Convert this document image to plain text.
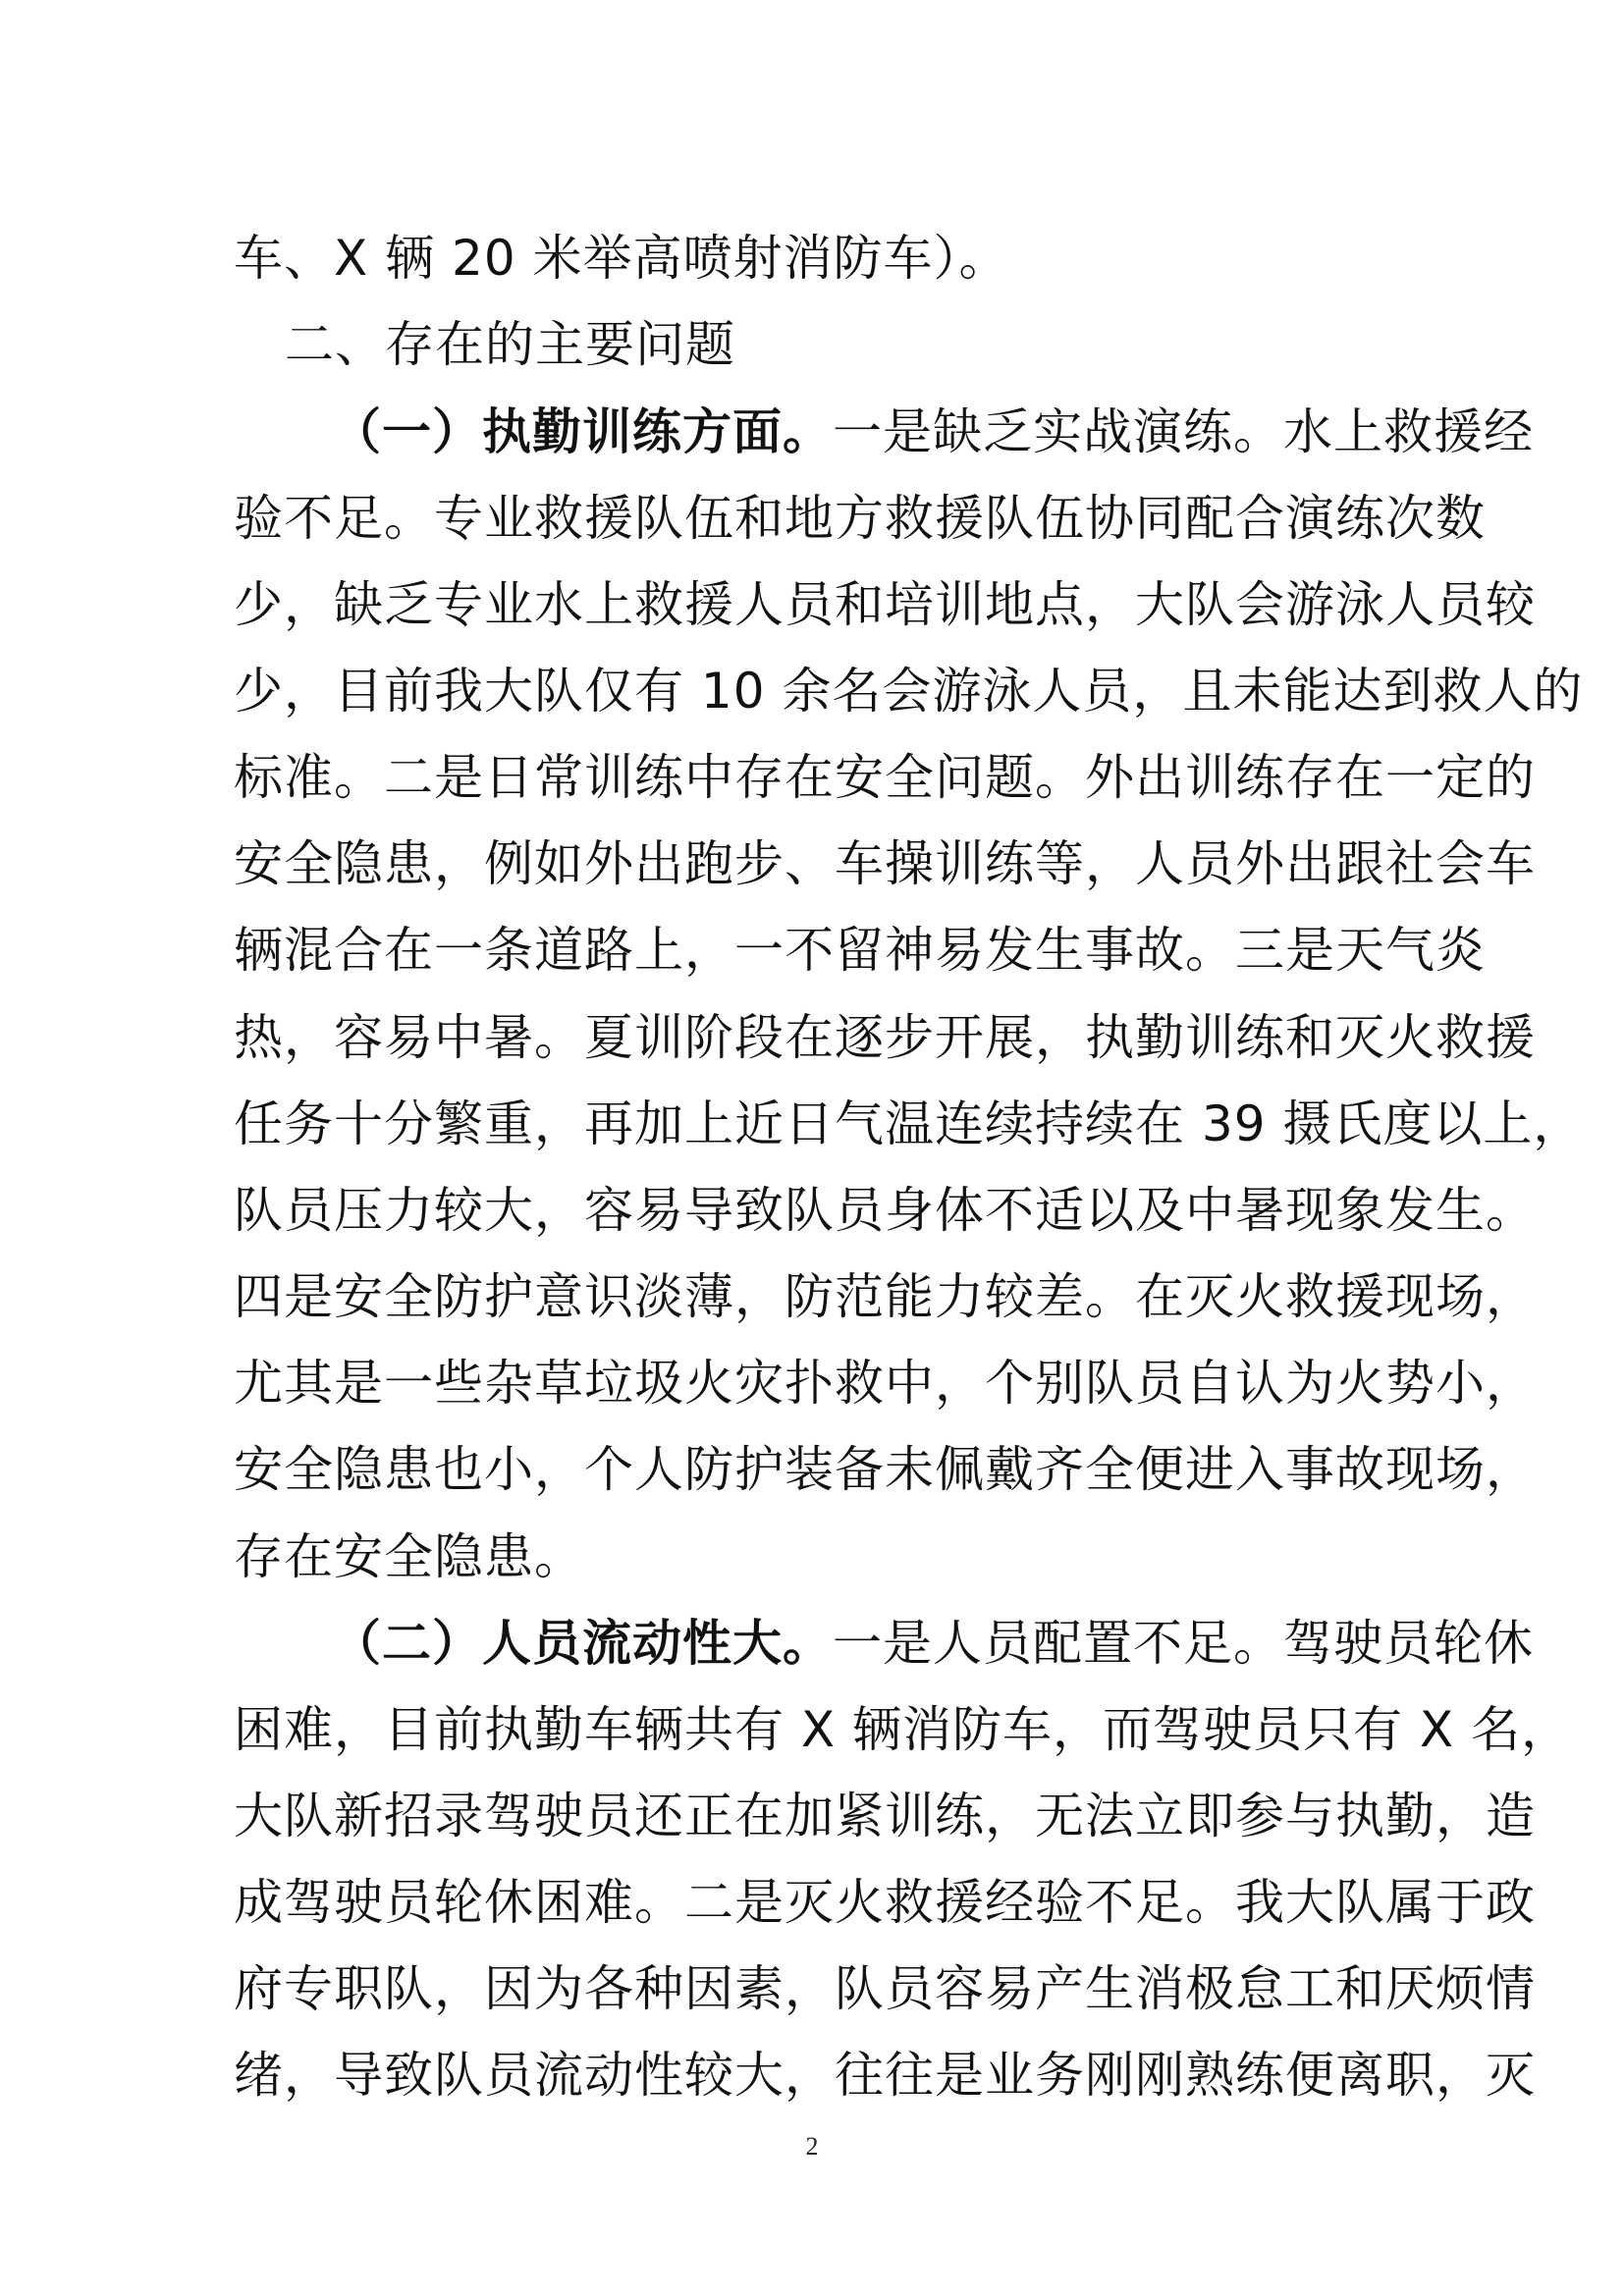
车、X 辆 20 米举高喷射消防车）。
二、存在的主要问题
（一）执勤训练方面。一是缺乏实战演练。水上救援经
验不足。专业救援队伍和地方救援队伍协同配合演练次数
少，缺乏专业水上救援人员和培训地点，大队会游泳人员较
少，目前我大队仅有 10 余名会游泳人员，且未能达到救人的
标准。二是日常训练中存在安全问题。外出训练存在一定的
安全隐患，例如外出跑步、车操训练等，人员外出跟社会车
辆混合在一条道路上，一不留神易发生事故。三是天气炎
热，容易中暑。夏训阶段在逐步开展，执勤训练和灭火救援
任务十分繁重，再加上近日气温连续持续在 39 摄氏度以上，
队员压力较大，容易导致队员身体不适以及中暑现象发生。
四是安全防护意识淡薄，防范能力较差。在灭火救援现场，
尤其是一些杂草垃圾火灾扑救中，个别队员自认为火势小，
安全隐患也小，个人防护装备未佩戴齐全便进入事故现场，
存在安全隐患。
（二）人员流动性大。一是人员配置不足。驾驶员轮休
困难，目前执勤车辆共有 X 辆消防车，而驾驶员只有 X 名，
大队新招录驾驶员还正在加紧训练，无法立即参与执勤，造
成驾驶员轮休困难。二是灭火救援经验不足。我大队属于政
府专职队，因为各种因素，队员容易产生消极怠工和厌烦情
绪，导致队员流动性较大，往往是业务刚刚熟练便离职，灭
2
